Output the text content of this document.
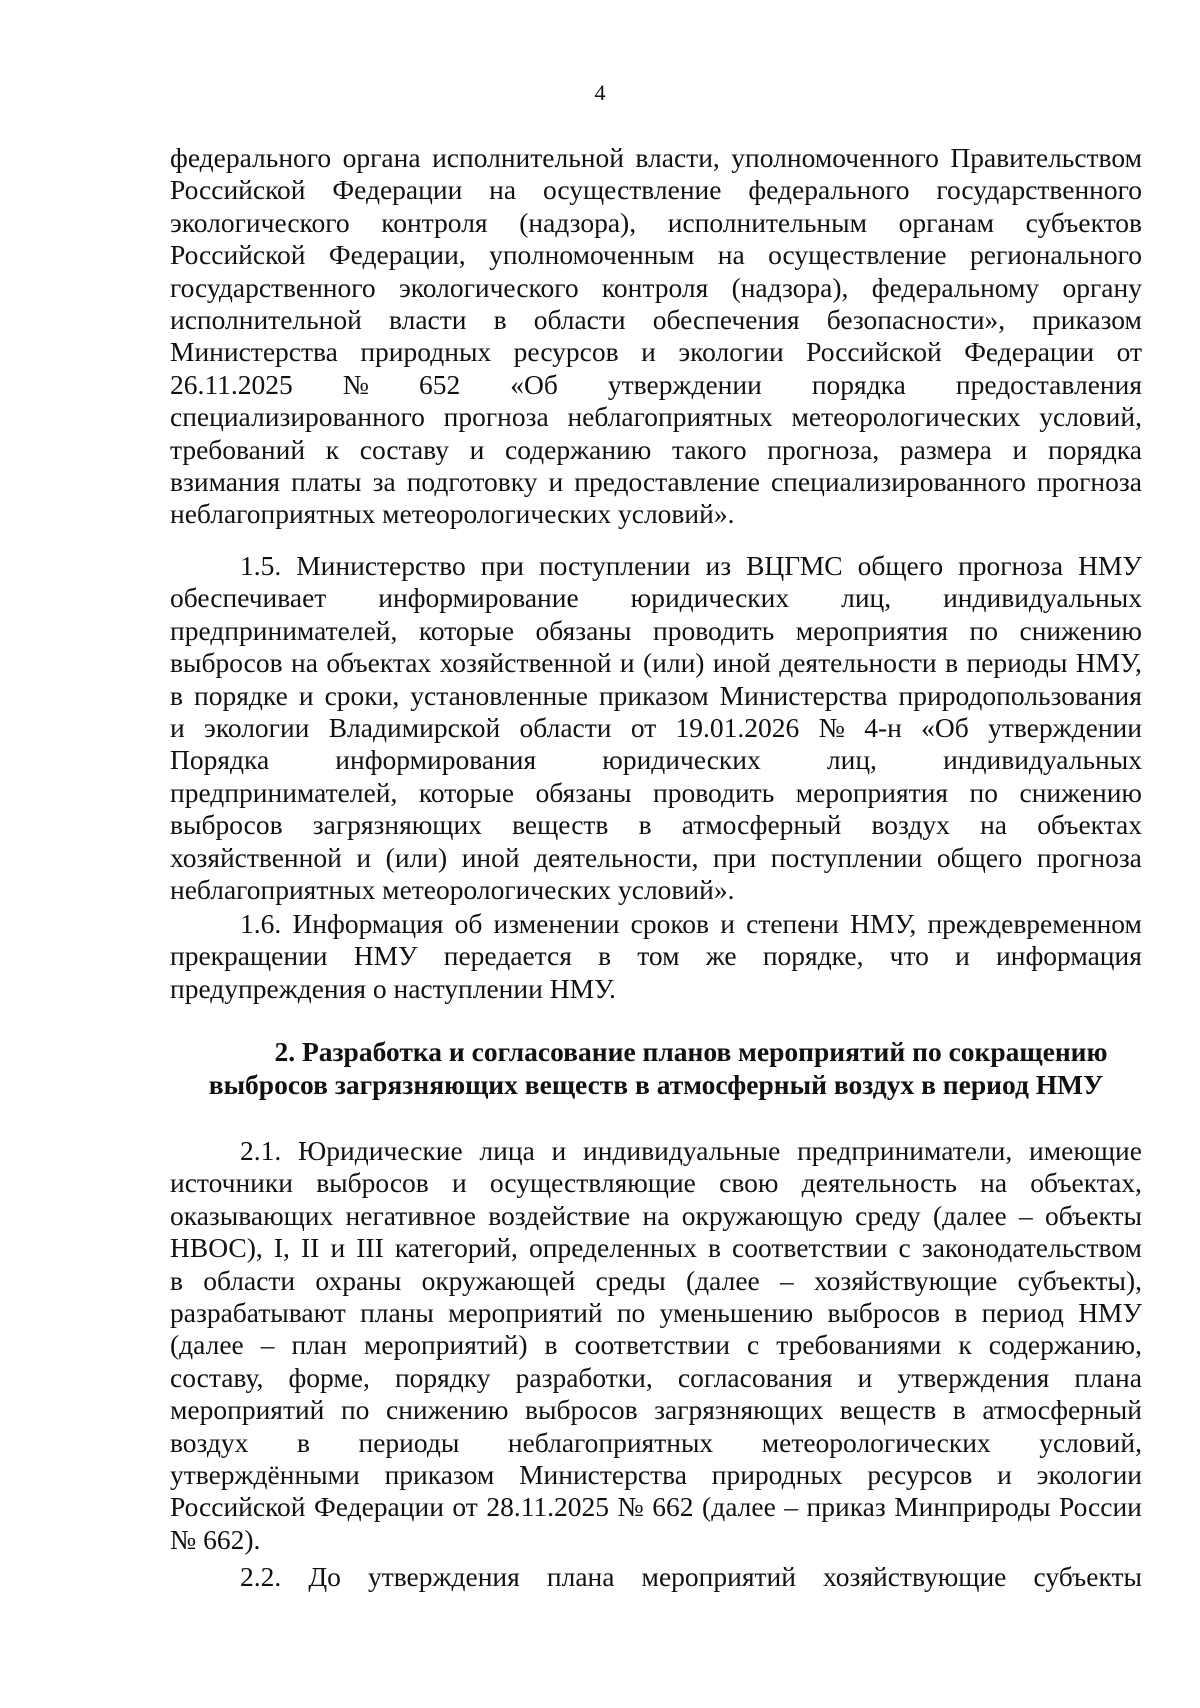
4
федерального органа исполнительной власти, уполномоченного Правительством
Российской Федерации на осуществление федерального государственного
экологического контроля (надзора), исполнительным органам субъектов
Российской Федерации, уполномоченным на осуществление регионального
государственного экологического контроля (надзора), федеральному органу
исполнительной власти в области обеспечения безопасности», приказом
Министерства природных ресурсов и экологии Российской Федерации от
26.11.2025 № 652 «Об утверждении порядка предоставления
специализированного прогноза неблагоприятных метеорологических условий,
требований к составу и содержанию такого прогноза, размера и порядка
взимания платы за подготовку и предоставление специализированного прогноза
неблагоприятных метеорологических условий».
1.5. Министерство при поступлении из ВЦГМС общего прогноза НМУ
обеспечивает информирование юридических лиц, индивидуальных
предпринимателей, которые обязаны проводить мероприятия по снижению
выбросов на объектах хозяйственной и (или) иной деятельности в периоды НМУ,
в порядке и сроки, установленные приказом Министерства природопользования
и экологии Владимирской области от 19.01.2026 № 4-н «Об утверждении
Порядка информирования юридических лиц, индивидуальных
предпринимателей, которые обязаны проводить мероприятия по снижению
выбросов загрязняющих веществ в атмосферный воздух на объектах
хозяйственной и (или) иной деятельности, при поступлении общего прогноза
неблагоприятных метеорологических условий».
1.6. Информация об изменении сроков и степени НМУ, преждевременном
прекращении НМУ передается в том же порядке, что и информация
предупреждения о наступлении НМУ.
2. Разработка и согласование планов мероприятий по сокращению
выбросов загрязняющих веществ в атмосферный воздух в период НМУ
2.1. Юридические лица и индивидуальные предприниматели, имеющие
источники выбросов и осуществляющие свою деятельность на объектах,
оказывающих негативное воздействие на окружающую среду (далее – объекты
НВОС), I, II и III категорий, определенных в соответствии с законодательством
в области охраны окружающей среды (далее – хозяйствующие субъекты),
разрабатывают планы мероприятий по уменьшению выбросов в период НМУ
(далее – план мероприятий) в соответствии с требованиями к содержанию,
составу, форме, порядку разработки, согласования и утверждения плана
мероприятий по снижению выбросов загрязняющих веществ в атмосферный
воздух в периоды неблагоприятных метеорологических условий,
утверждёнными приказом Министерства природных ресурсов и экологии
Российской Федерации от 28.11.2025 № 662 (далее – приказ Минприроды России
№ 662).
2.2. До утверждения плана мероприятий хозяйствующие субъекты
